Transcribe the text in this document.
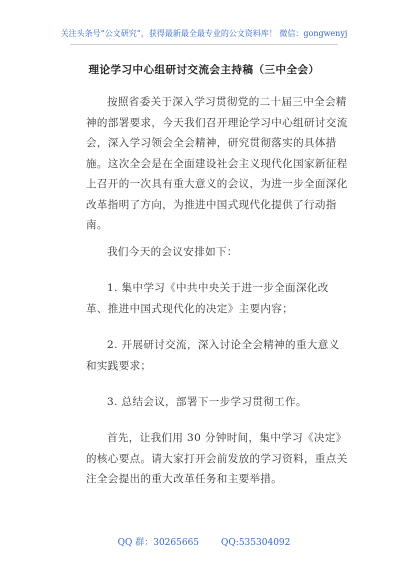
关注头条号“公文研究”，获得最新最全最专业的公文资料库！ 微信：gongwenyj
理论学习中心组研讨交流会主持稿（三中全会）

按照省委关于深入学习贯彻党的二十届三中全会精神的部署要求，今天我们召开理论学习中心组研讨交流会，深入学习领会全会精神，研究贯彻落实的具体措施。这次全会是在全面建设社会主义现代化国家新征程上召开的一次具有重大意义的会议，为进一步全面深化改革指明了方向，为推进中国式现代化提供了行动指南。

我们今天的会议安排如下：

1. 集中学习《中共中央关于进一步全面深化改革、推进中国式现代化的决定》主要内容；

2. 开展研讨交流，深入讨论全会精神的重大意义和实践要求；

3. 总结会议，部署下一步学习贯彻工作。

首先，让我们用 30 分钟时间，集中学习《决定》的核心要点。请大家打开会前发放的学习资料，重点关注全会提出的重大改革任务和主要举措。

QQ 群：30265665 QQ:535304092
